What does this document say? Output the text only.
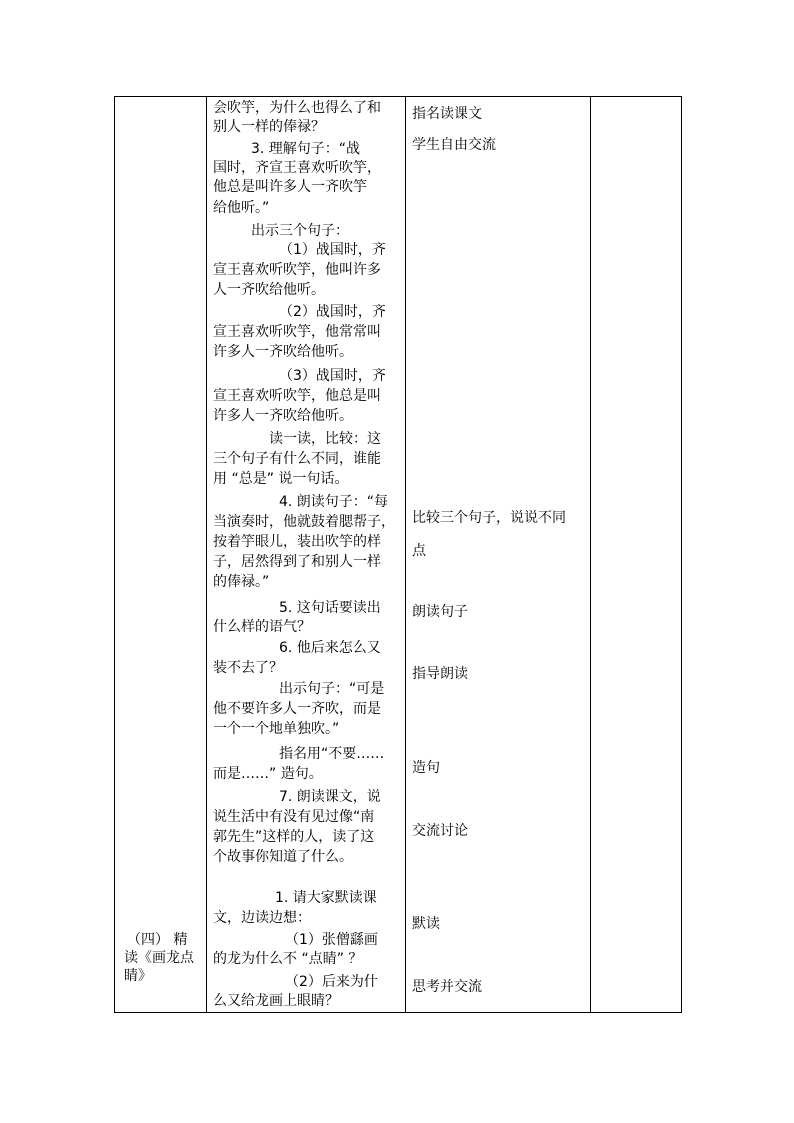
（四） 精

读《画龙点

睛》

会吹竽，为什么也得么了和

别人一样的俸禄？

3. 理解句子：“战

国时，齐宣王喜欢听吹竽，

他总是叫许多人一齐吹竽

给他听。”

出示三个句子：

（1）战国时，齐

宣王喜欢听吹竽，他叫许多

人一齐吹给他听。

（2）战国时，齐

宣王喜欢听吹竽，他常常叫

许多人一齐吹给他听。

（3）战国时，齐

宣王喜欢听吹竽，他总是叫

许多人一齐吹给他听。

读一读，比较：这

三个句子有什么不同，谁能

用 “总是” 说一句话。

4. 朗读句子：“每

当演奏时，他就鼓着腮帮子，

按着竽眼儿，装出吹竽的样

子，居然得到了和别人一样

的俸禄。”

5. 这句话要读出

什么样的语气？

6. 他后来怎么又

装不去了？

出示句子：“可是

他不要许多人一齐吹，而是

一个一个地单独吹。”

指名用“不要……

而是……” 造句。

7. 朗读课文，说

说生活中有没有见过像“南

郭先生”这样的人，读了这

个故事你知道了什么。

1. 请大家默读课

文，边读边想：

（1）张僧繇画

的龙为什么不 “点睛” ？

（2）后来为什

么又给龙画上眼睛？

指名读课文

学生自由交流

比较三个句子，说说不同

点

朗读句子

指导朗读

造句

交流讨论

默读

思考并交流
